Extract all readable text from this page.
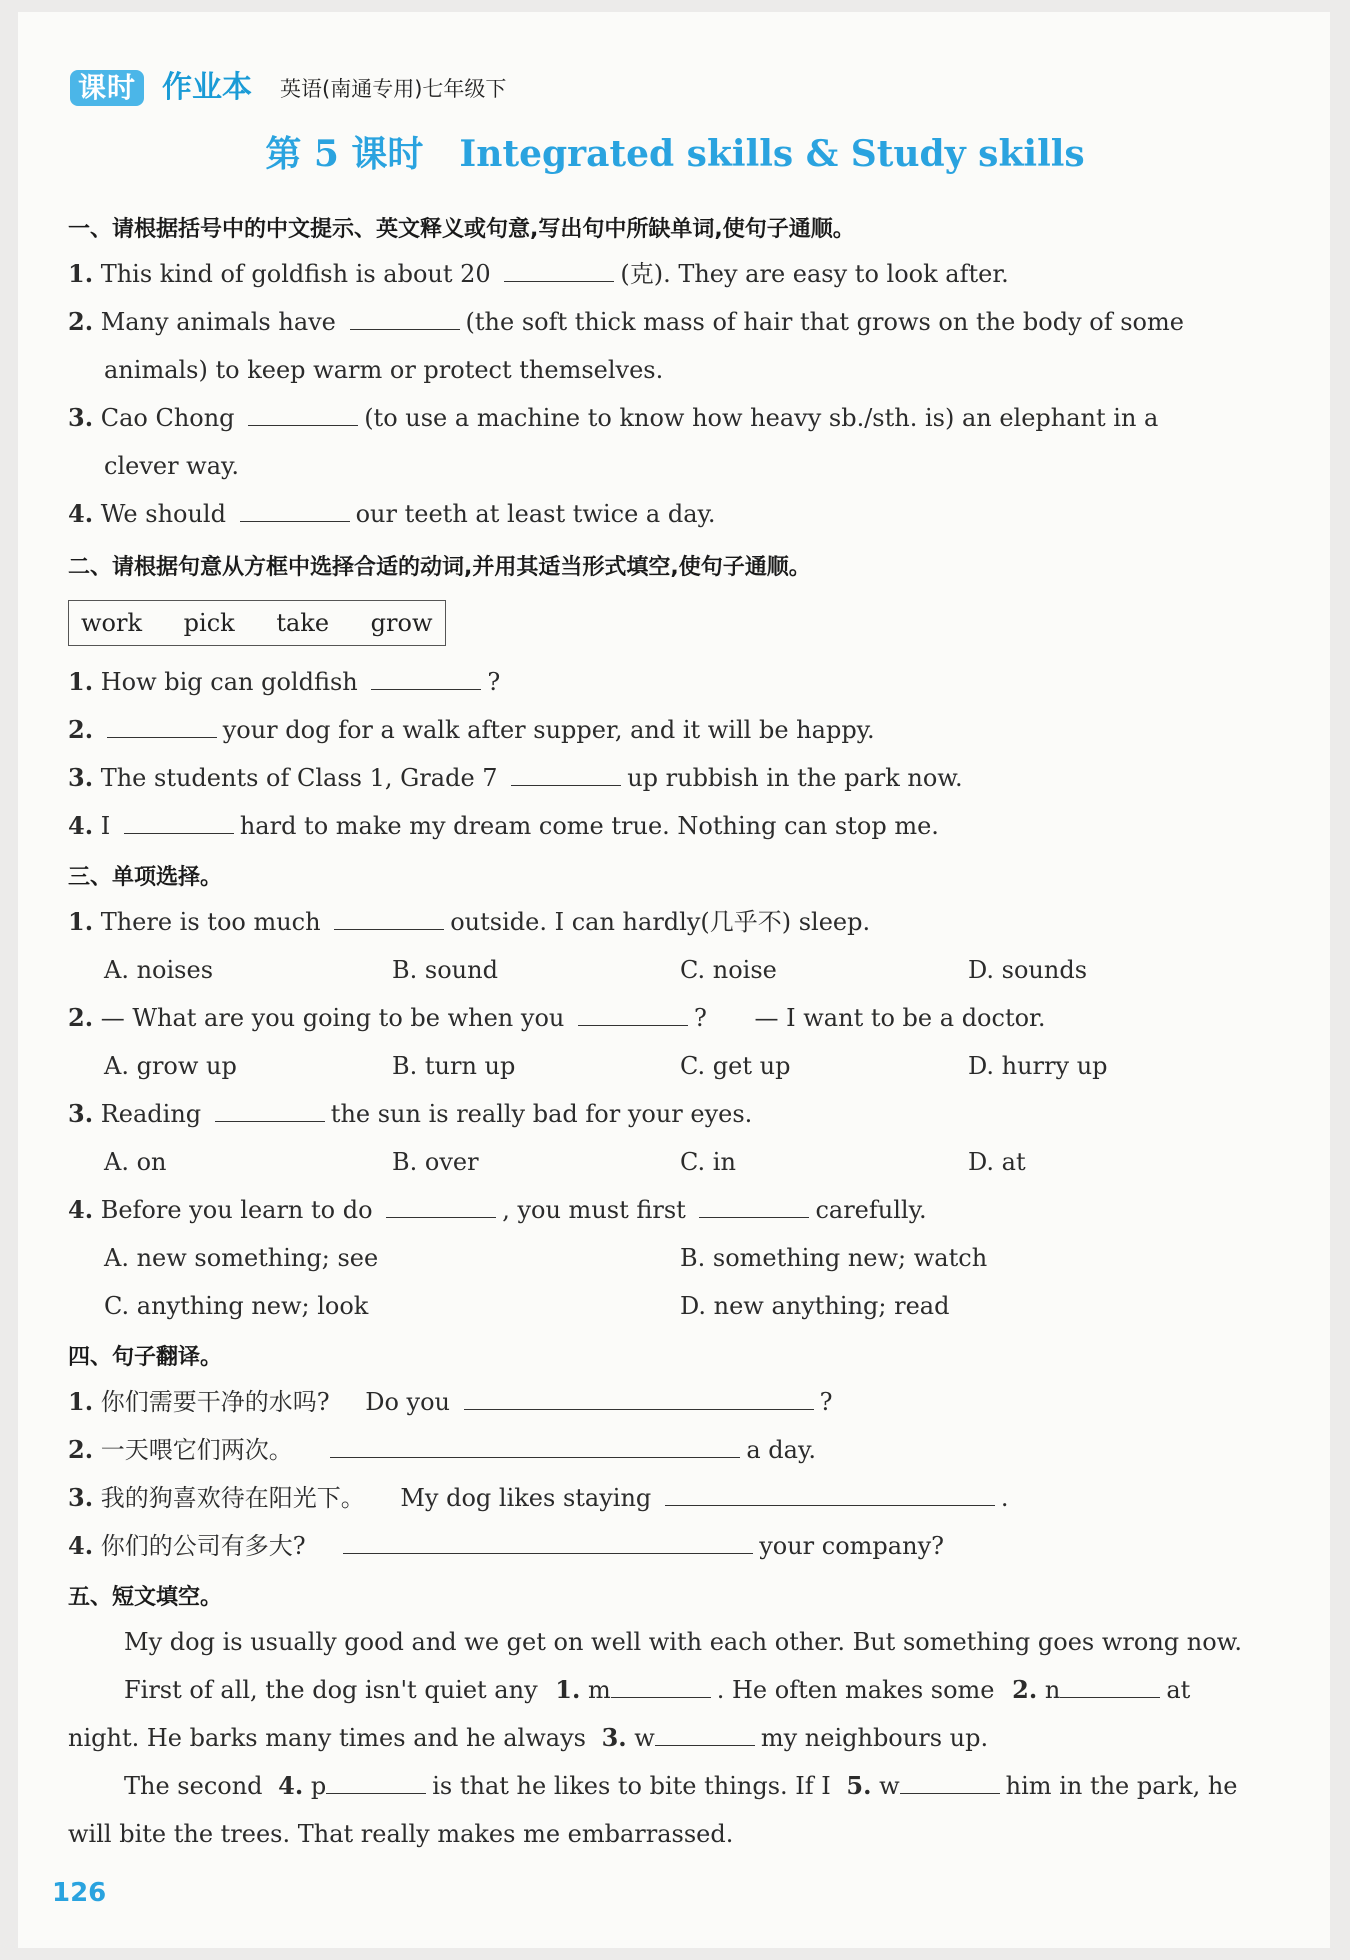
课时 作业本 英语(南通专用)七年级下
第 5 课时　Integrated skills & Study skills
一、请根据括号中的中文提示、英文释义或句意,写出句中所缺单词,使句子通顺。
1. This kind of goldfish is about 20	(克). They are easy to look after.
2. Many animals have	(the soft thick mass of hair that grows on the body of some
animals) to keep warm or protect themselves.
3. Cao Chong	(to use a machine to know how heavy sb./sth. is) an elephant in a
clever way.
4. We should	our teeth at least twice a day.
二、请根据句意从方框中选择合适的动词,并用其适当形式填空,使句子通顺。
work pick take grow
1. How big can goldfish	?
2.	your dog for a walk after supper, and it will be happy.
3. The students of Class 1, Grade 7	up rubbish in the park now.
4. I	hard to make my dream come true. Nothing can stop me.
三、单项选择。
1. There is too much	outside. I can hardly(几乎不) sleep.
A. noises	B. sound	C. noise	D. sounds
2. — What are you going to be when you	? — I want to be a doctor.
A. grow up	B. turn up	C. get up	D. hurry up
3. Reading	the sun is really bad for your eyes.
A. on	B. over	C. in	D. at
4. Before you learn to do	, you must first	carefully.
A. new something; see	B. something new; watch
C. anything new; look	D. new anything; read
四、句子翻译。
1. 你们需要干净的水吗? Do you	?
2. 一天喂它们两次。	a day.
3. 我的狗喜欢待在阳光下。 My dog likes staying	.
4. 你们的公司有多大?	your company?
五、短文填空。
My dog is usually good and we get on well with each other. But something goes wrong now.
First of all, the dog isn't quiet any 1. m	. He often makes some 2. n	at
night. He barks many times and he always 3. w	my neighbours up.
The second 4. p	is that he likes to bite things. If I 5. w	him in the park, he
will bite the trees. That really makes me embarrassed.
126
